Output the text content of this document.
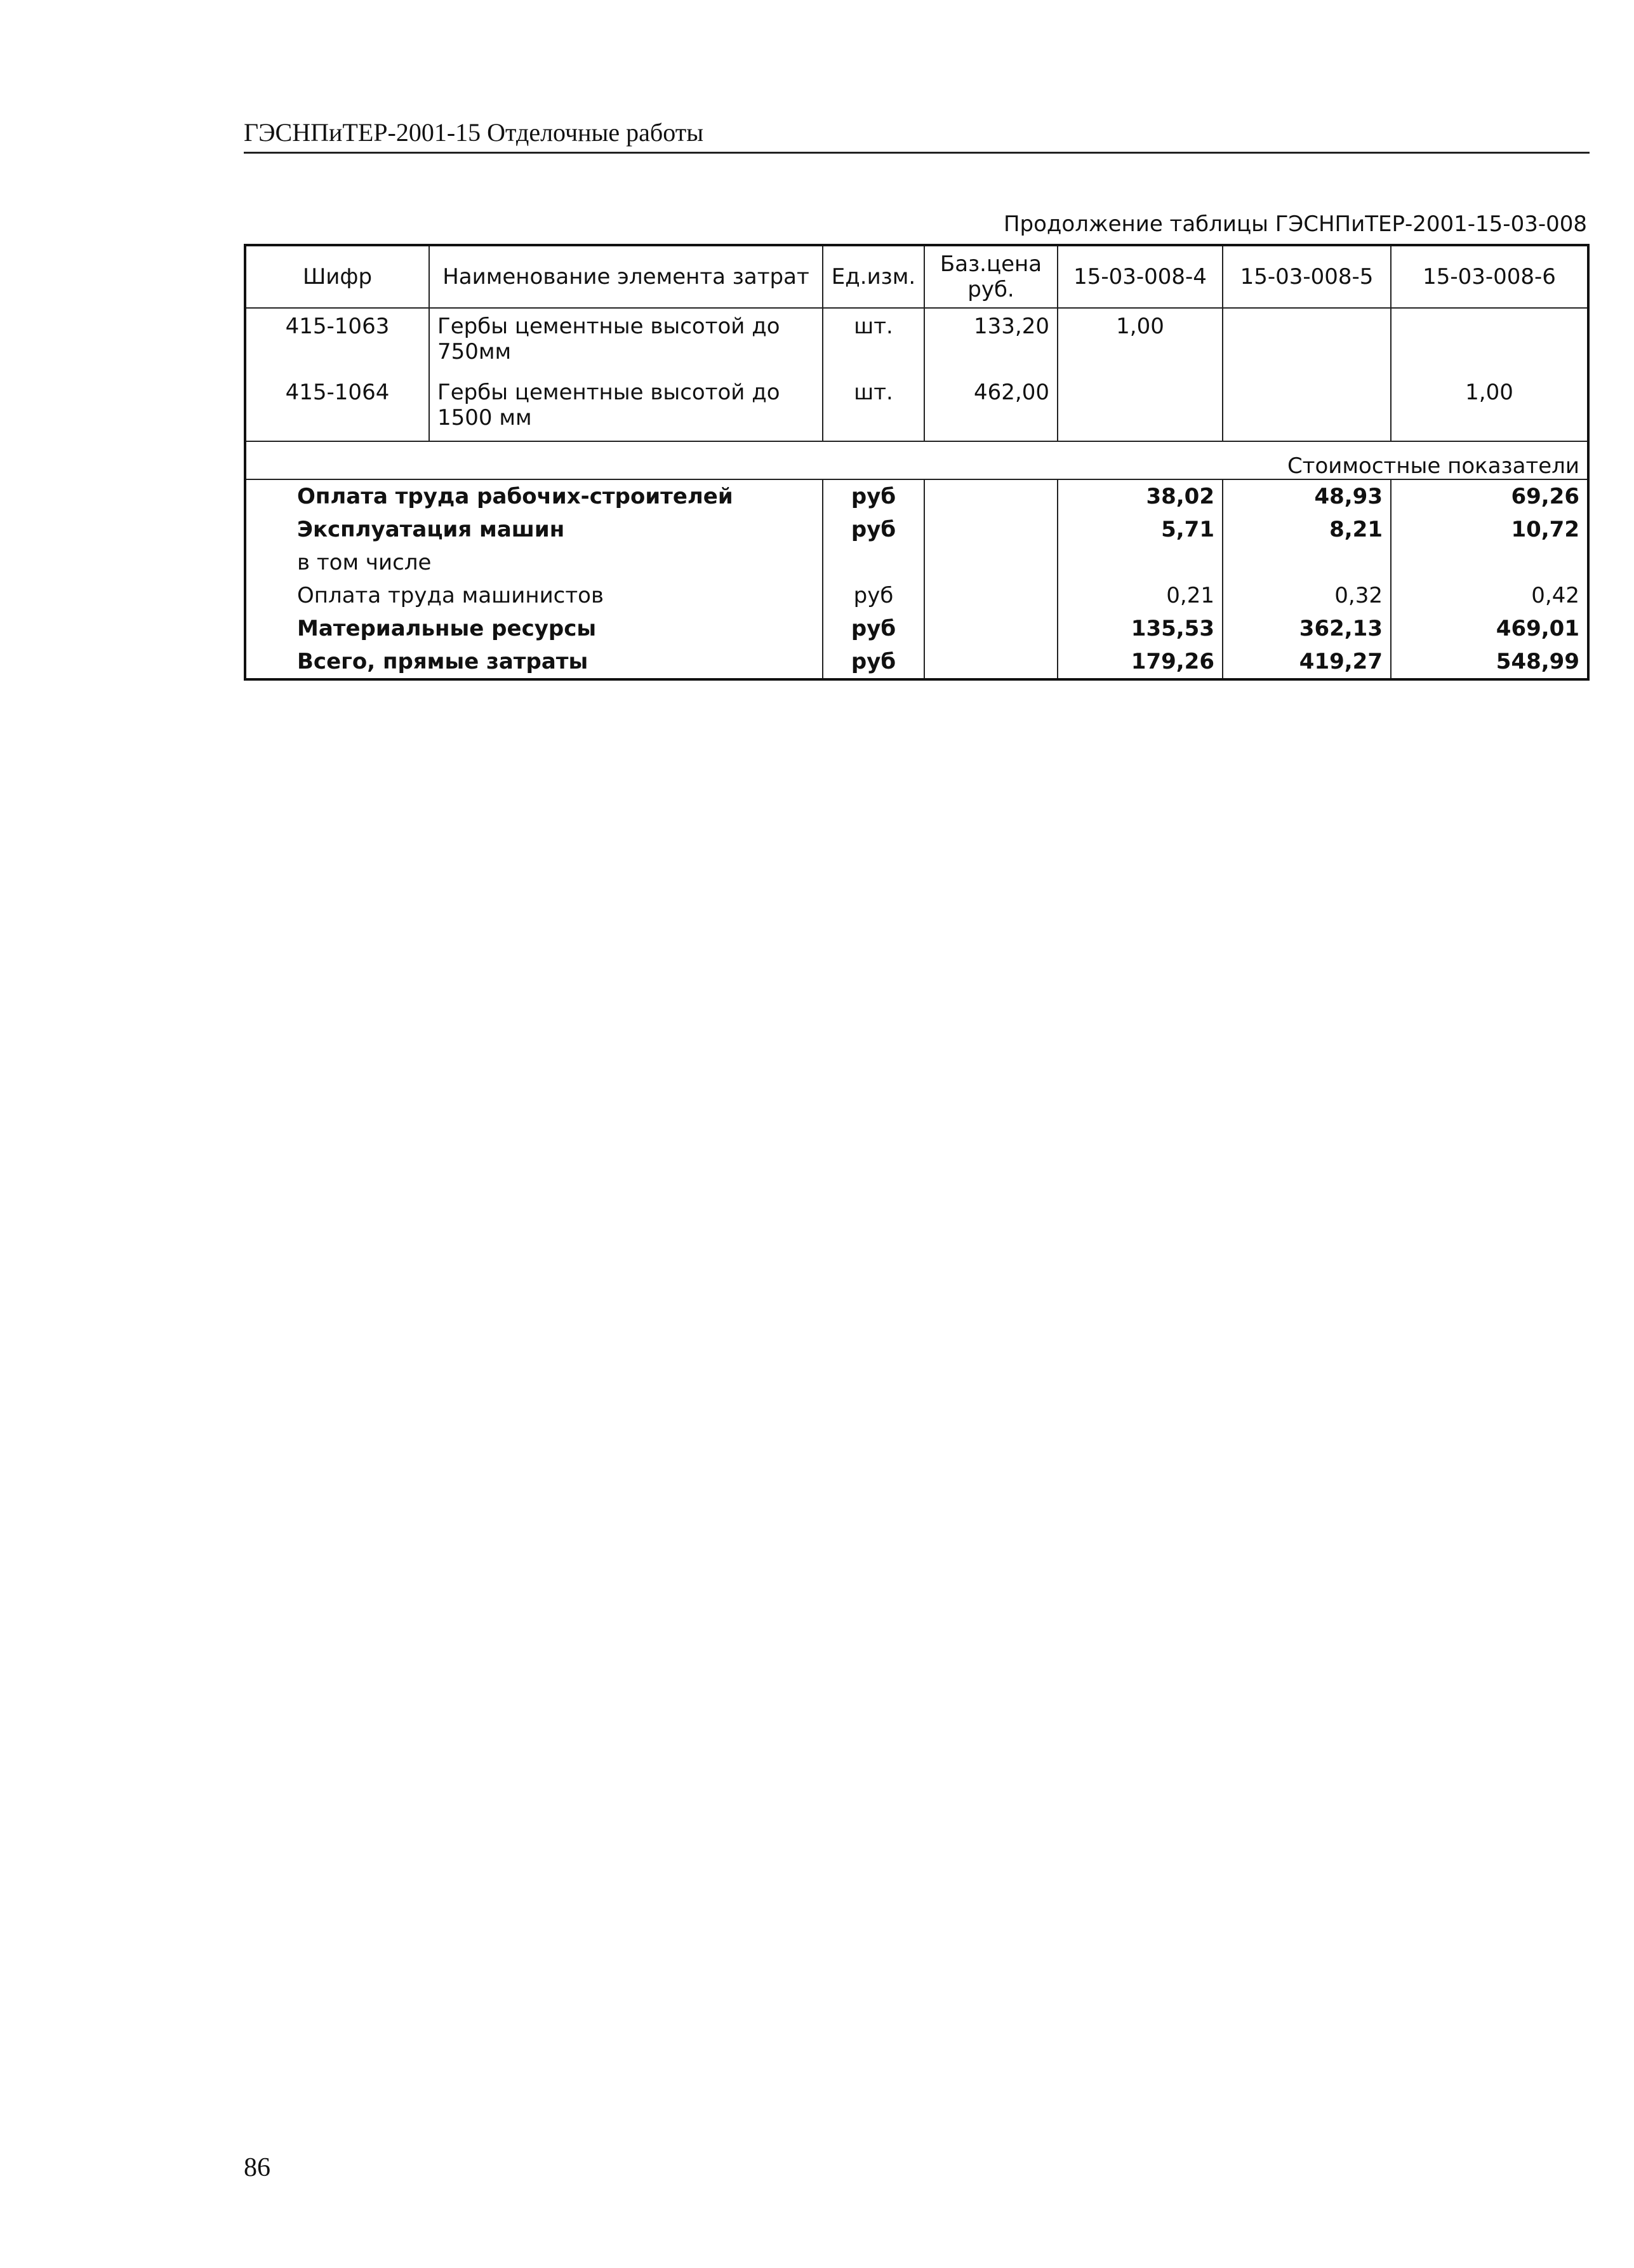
ГЭСНПиТЕР-2001-15 Отделочные работы
Продолжение таблицы ГЭСНПиТЕР-2001-15-03-008
Шифр	Наименование элемента затрат	Ед.изм.	Баз.цена руб.	15-03-008-4	15-03-008-5	15-03-008-6
415-1063	Гербы цементные высотой до 750мм	шт.	133,20	1,00		
415-1064	Гербы цементные высотой до 1500 мм	шт.	462,00			1,00
Стоимостные показатели						
Оплата труда рабочих-строителей		руб		38,02	48,93	69,26
Эксплуатация машин		руб		5,71	8,21	10,72
в том числе						
Оплата труда машинистов		руб		0,21	0,32	0,42
Материальные ресурсы		руб		135,53	362,13	469,01
Всего, прямые затраты		руб		179,26	419,27	548,99
86
